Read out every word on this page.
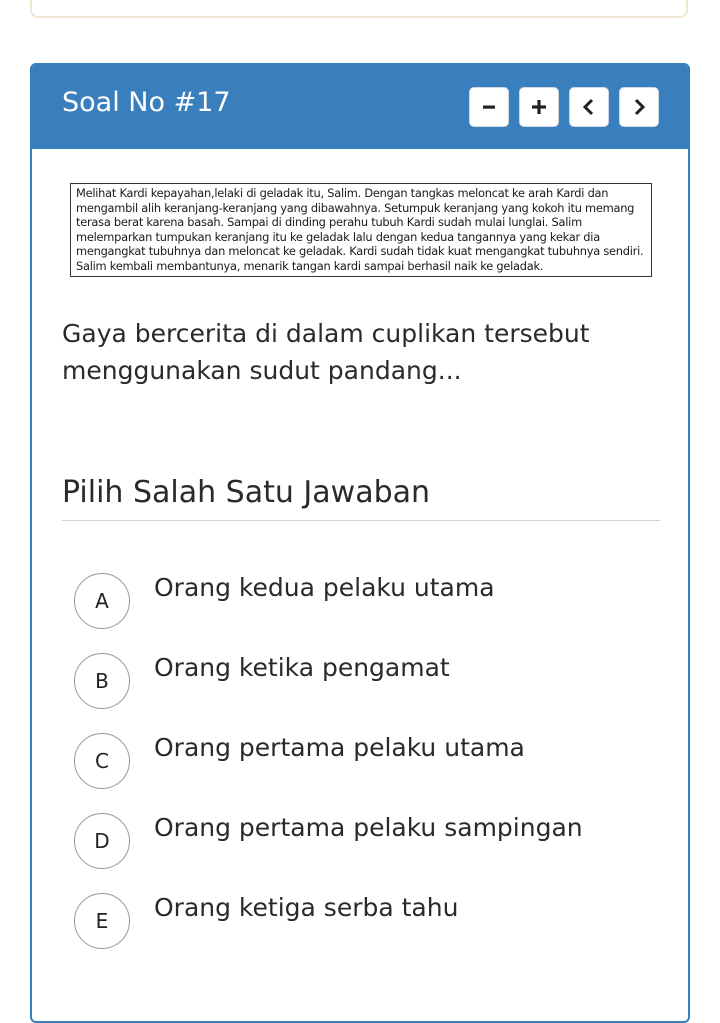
Soal No #17
Melihat Kardi kepayahan,lelaki di geladak itu, Salim. Dengan tangkas meloncat ke arah Kardi dan mengambil alih keranjang-keranjang yang dibawahnya. Setumpuk keranjang yang kokoh itu memang terasa berat karena basah. Sampai di dinding perahu tubuh Kardi sudah mulai lunglai. Salim melemparkan tumpukan keranjang itu ke geladak lalu dengan kedua tangannya yang kekar dia mengangkat tubuhnya dan meloncat ke geladak. Kardi sudah tidak kuat mengangkat tubuhnya sendiri. Salim kembali membantunya, menarik tangan kardi sampai berhasil naik ke geladak.
Gaya bercerita di dalam cuplikan tersebut menggunakan sudut pandang...
Pilih Salah Satu Jawaban
A	Orang kedua pelaku utama
B	Orang ketika pengamat
C	Orang pertama pelaku utama
D	Orang pertama pelaku sampingan
E	Orang ketiga serba tahu
